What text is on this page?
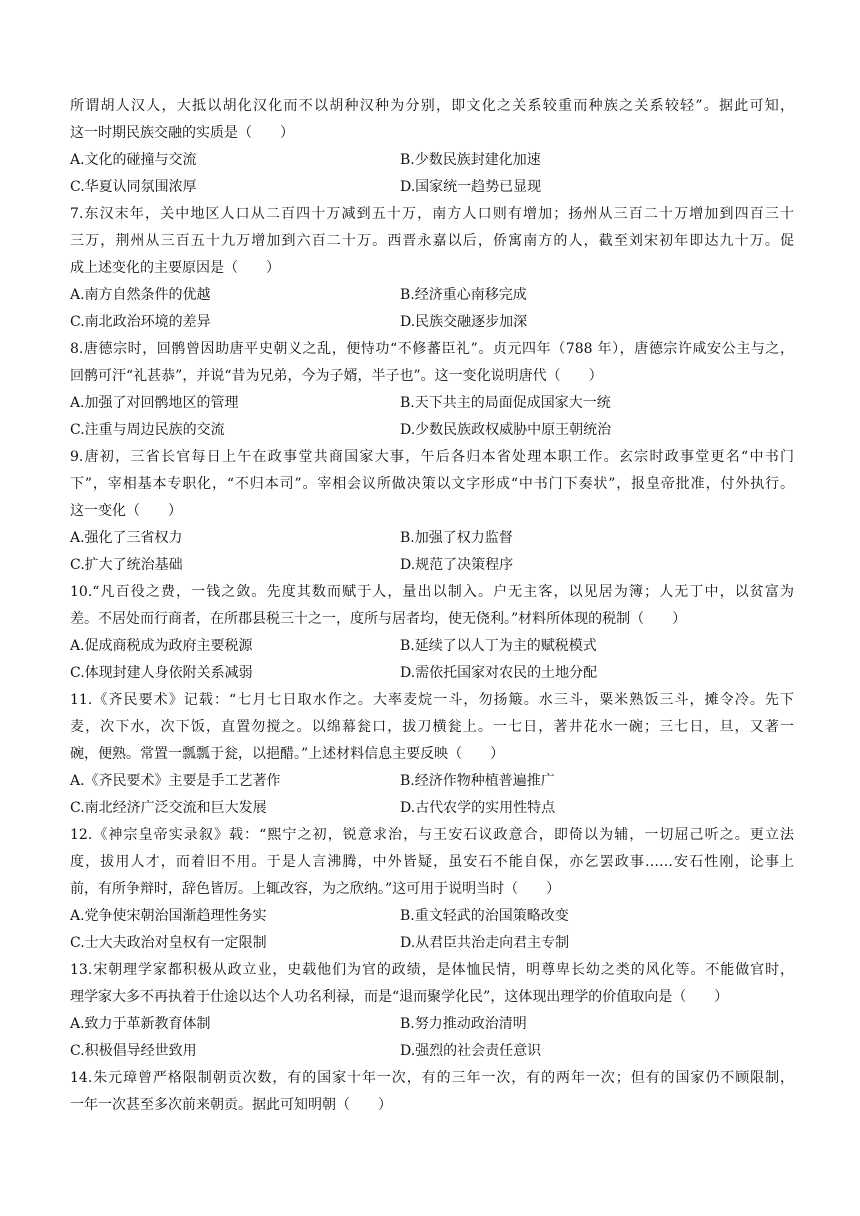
所谓胡人汉人，大抵以胡化汉化而不以胡种汉种为分别，即文化之关系较重而种族之关系较轻”。据此可知，
这一时期民族交融的实质是（　　）
A.文化的碰撞与交流	B.少数民族封建化加速
C.华夏认同氛围浓厚	D.国家统一趋势已显现
7.东汉末年，关中地区人口从二百四十万减到五十万，南方人口则有增加；扬州从三百二十万增加到四百三十
三万，荆州从三百五十九万增加到六百二十万。西晋永嘉以后，侨寓南方的人，截至刘宋初年即达九十万。促
成上述变化的主要原因是（　　）
A.南方自然条件的优越	B.经济重心南移完成
C.南北政治环境的差异	D.民族交融逐步加深
8.唐德宗时，回鹘曾因助唐平史朝义之乱，便恃功“不修蕃臣礼”。贞元四年（788 年），唐德宗许咸安公主与之，
回鹘可汗“礼甚恭”，并说“昔为兄弟，今为子婿，半子也”。这一变化说明唐代（　　）
A.加强了对回鹘地区的管理	B.天下共主的局面促成国家大一统
C.注重与周边民族的交流	D.少数民族政权威胁中原王朝统治
9.唐初，三省长官每日上午在政事堂共商国家大事，午后各归本省处理本职工作。玄宗时政事堂更名“中书门
下”，宰相基本专职化，“不归本司”。宰相会议所做决策以文字形成“中书门下奏状”，报皇帝批准，付外执行。
这一变化（　　）
A.强化了三省权力	B.加强了权力监督
C.扩大了统治基础	D.规范了决策程序
10.“凡百役之费，一钱之敛。先度其数而赋于人，量出以制入。户无主客，以见居为簿；人无丁中，以贫富为
差。不居处而行商者，在所郡县税三十之一，度所与居者均，使无侥利。”材料所体现的税制（　　）
A.促成商税成为政府主要税源	B.延续了以人丁为主的赋税模式
C.体现封建人身依附关系减弱	D.需依托国家对农民的土地分配
11.《齐民要术》记载：“七月七日取水作之。大率麦烷一斗，勿扬簸。水三斗，粟米熟饭三斗，摊令冷。先下
麦，次下水，次下饭，直置勿搅之。以绵幕瓮口，拔刀横瓮上。一七日，著井花水一碗；三七日，旦，又著一
碗，便熟。常置一瓢瓢于瓮，以挹醋。”上述材料信息主要反映（　　）
A.《齐民要术》主要是手工艺著作	B.经济作物种植普遍推广
C.南北经济广泛交流和巨大发展	D.古代农学的实用性特点
12.《神宗皇帝实录叙》载：“熙宁之初，锐意求治，与王安石议政意合，即倚以为辅，一切屈己听之。更立法
度，拔用人才，而着旧不用。于是人言沸腾，中外皆疑，虽安石不能自保，亦乞罢政事……安石性刚，论事上
前，有所争辩时，辞色皆厉。上辄改容，为之欣纳。”这可用于说明当时（　　）
A.党争使宋朝治国渐趋理性务实	B.重文轻武的治国策略改变
C.士大夫政治对皇权有一定限制	D.从君臣共治走向君主专制
13.宋朝理学家都积极从政立业，史载他们为官的政绩，是体恤民情，明尊卑长幼之类的风化等。不能做官时，
理学家大多不再执着于仕途以达个人功名利禄，而是“退而聚学化民”，这体现出理学的价值取向是（　　）
A.致力于革新教育体制	B.努力推动政治清明
C.积极倡导经世致用	D.强烈的社会责任意识
14.朱元璋曾严格限制朝贡次数，有的国家十年一次，有的三年一次，有的两年一次；但有的国家仍不顾限制，
一年一次甚至多次前来朝贡。据此可知明朝（　　）
